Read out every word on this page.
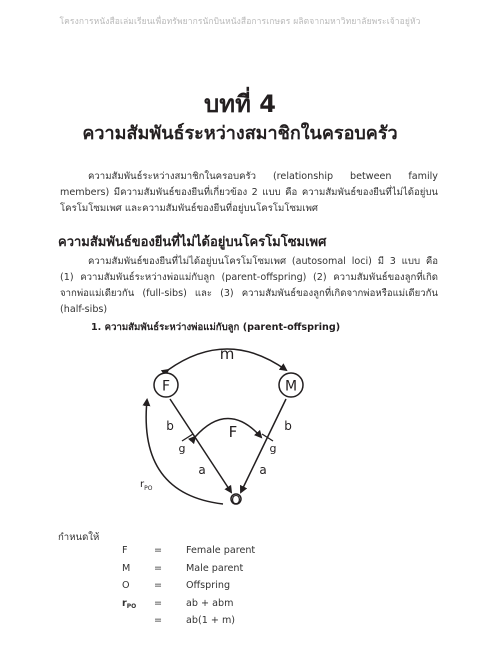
โครงการหนังสือเล่มเรียนเพื่อทรัพยากรนักบินหนังสือการเกษตร ผลิตจากมหาวิทยาลัยพระเจ้าอยู่หัว
บทที่ 4
ความสัมพันธ์ระหว่างสมาชิกในครอบครัว
ความสัมพันธ์ระหว่างสมาชิกในครอบครัว (relationship between family members) มีความสัมพันธ์ของยีนที่เกี่ยวข้อง 2 แบบ คือ ความสัมพันธ์ของยีนที่ไม่ได้อยู่บนโครโมโซมเพศ และความสัมพันธ์ของยีนที่อยู่บนโครโมโซมเพศ
ความสัมพันธ์ของยีนที่ไม่ได้อยู่บนโครโมโซมเพศ
ความสัมพันธ์ของยีนที่ไม่ได้อยู่บนโครโมโซมเพศ (autosomal loci) มี 3 แบบ คือ (1) ความสัมพันธ์ระหว่างพ่อแม่กับลูก (parent-offspring) (2) ความสัมพันธ์ของลูกที่เกิดจากพ่อแม่เดียวกัน (full-sibs) และ (3) ความสัมพันธ์ของลูกที่เกิดจากพ่อหรือแม่เดียวกัน (half-sibs)
1. ความสัมพันธ์ระหว่างพ่อแม่กับลูก (parent-offspring)
F	M
O
m
F
b	b
g	g
a	a
$r_{PO}$
กำหนดให้
F	= Female parent
M = Male parent
O	= Offspring
$r_{PO}$ = ab + abm
= ab(1 + m)
